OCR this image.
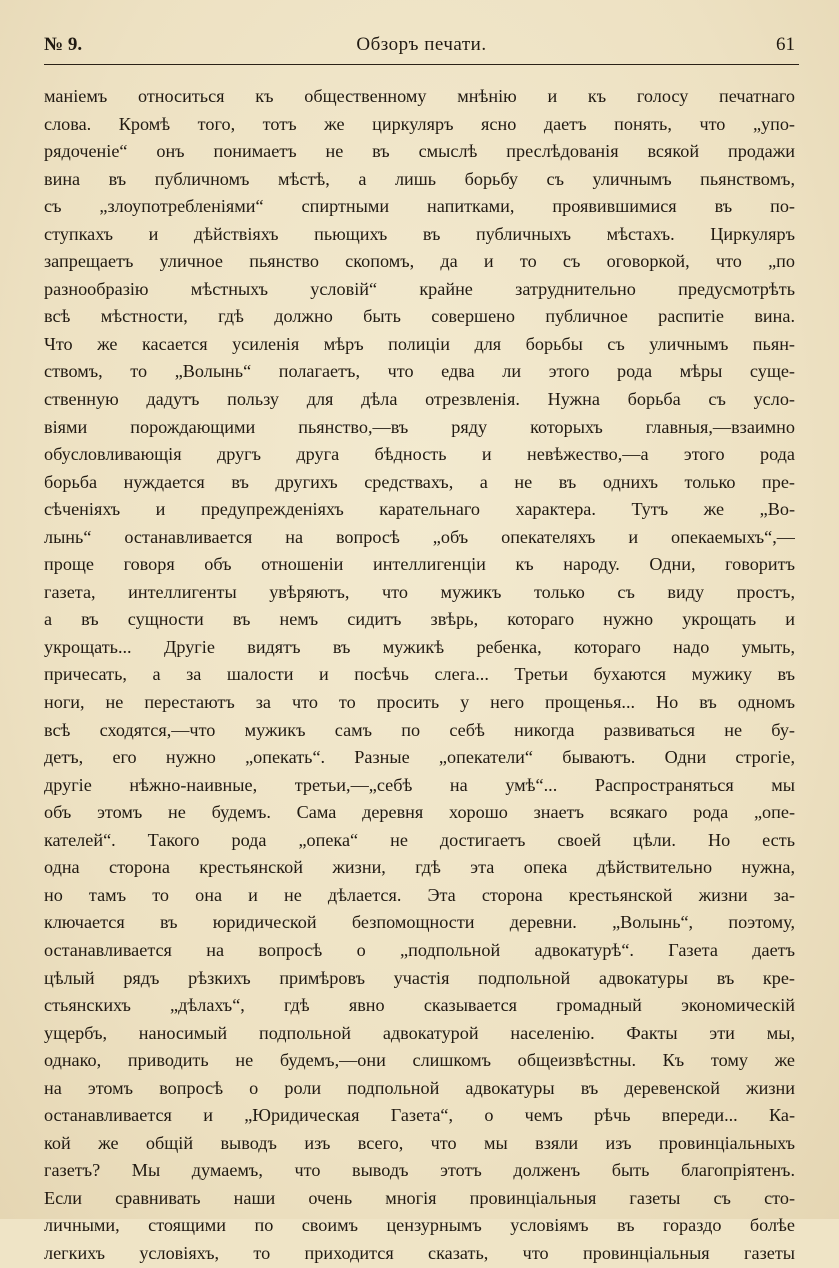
№ 9.	Обзоръ печати.	61
маніемъ относиться къ общественному мнѣнію и къ голосу печатнаго
слова. Кромѣ того, тотъ же циркуляръ ясно даетъ понять, что „упо-
рядоченіе“ онъ понимаетъ не въ смыслѣ преслѣдованія всякой продажи
вина въ публичномъ мѣстѣ, а лишь борьбу съ уличнымъ пьянствомъ,
съ „злоупотребленіями“ спиртными напитками, проявившимися въ по-
ступкахъ и дѣйствіяхъ пьющихъ въ публичныхъ мѣстахъ. Циркуляръ
запрещаетъ уличное пьянство скопомъ, да и то съ оговоркой, что „по
разнообразію мѣстныхъ условій“ крайне затруднительно предусмотрѣть
всѣ мѣстности, гдѣ должно быть совершено публичное распитіе вина.
Что же касается усиленія мѣръ полиціи для борьбы съ уличнымъ пьян-
ствомъ, то „Волынь“ полагаетъ, что едва ли этого рода мѣры суще-
ственную дадутъ пользу для дѣла отрезвленія. Нужна борьба съ усло-
віями порождающими пьянство,—въ ряду которыхъ главныя,—взаимно
обусловливающія другъ друга бѣдность и невѣжество,—а этого рода
борьба нуждается въ другихъ средствахъ, а не въ однихъ только пре-
сѣченіяхъ и предупрежденіяхъ карательнаго характера. Тутъ же „Во-
лынь“ останавливается на вопросѣ „объ опекателяхъ и опекаемыхъ“,—
проще говоря объ отношеніи интеллигенціи къ народу. Одни, говоритъ
газета, интеллигенты увѣряютъ, что мужикъ только съ виду простъ,
а въ сущности въ немъ сидитъ звѣрь, котораго нужно укрощать и
укрощать... Другіе видятъ въ мужикѣ ребенка, котораго надо умыть,
причесать, а за шалости и посѣчь слега... Третьи бухаются мужику въ
ноги, не перестаютъ за что то просить у него прощенья... Но въ одномъ
всѣ сходятся,—что мужикъ самъ по себѣ никогда развиваться не бу-
детъ, его нужно „опекать“. Разные „опекатели“ бываютъ. Одни строгіе,
другіе нѣжно-наивные, третьи,—„себѣ на умѣ“... Распространяться мы
объ этомъ не будемъ. Сама деревня хорошо знаетъ всякаго рода „опе-
кателей“. Такого рода „опека“ не достигаетъ своей цѣли. Но есть
одна сторона крестьянской жизни, гдѣ эта опека дѣйствительно нужна,
но тамъ то она и не дѣлается. Эта сторона крестьянской жизни за-
ключается въ юридической безпомощности деревни. „Волынь“, поэтому,
останавливается на вопросѣ о „подпольной адвокатурѣ“. Газета даетъ
цѣлый рядъ рѣзкихъ примѣровъ участія подпольной адвокатуры въ кре-
стьянскихъ „дѣлахъ“, гдѣ явно сказывается громадный экономическій
ущербъ, наносимый подпольной адвокатурой населенію. Факты эти мы,
однако, приводить не будемъ,—они слишкомъ общеизвѣстны. Къ тому же
на этомъ вопросѣ о роли подпольной адвокатуры въ деревенской жизни
останавливается и „Юридическая Газета“, о чемъ рѣчь впереди... Ка-
кой же общій выводъ изъ всего, что мы взяли изъ провинціальныхъ
газетъ? Мы думаемъ, что выводъ этотъ долженъ быть благопріятенъ.
Если сравнивать наши очень многія провинціальныя газеты съ сто-
личными, стоящими по своимъ цензурнымъ условіямъ въ гораздо болѣе
легкихъ условіяхъ, то приходится сказать, что провинціальныя газеты
